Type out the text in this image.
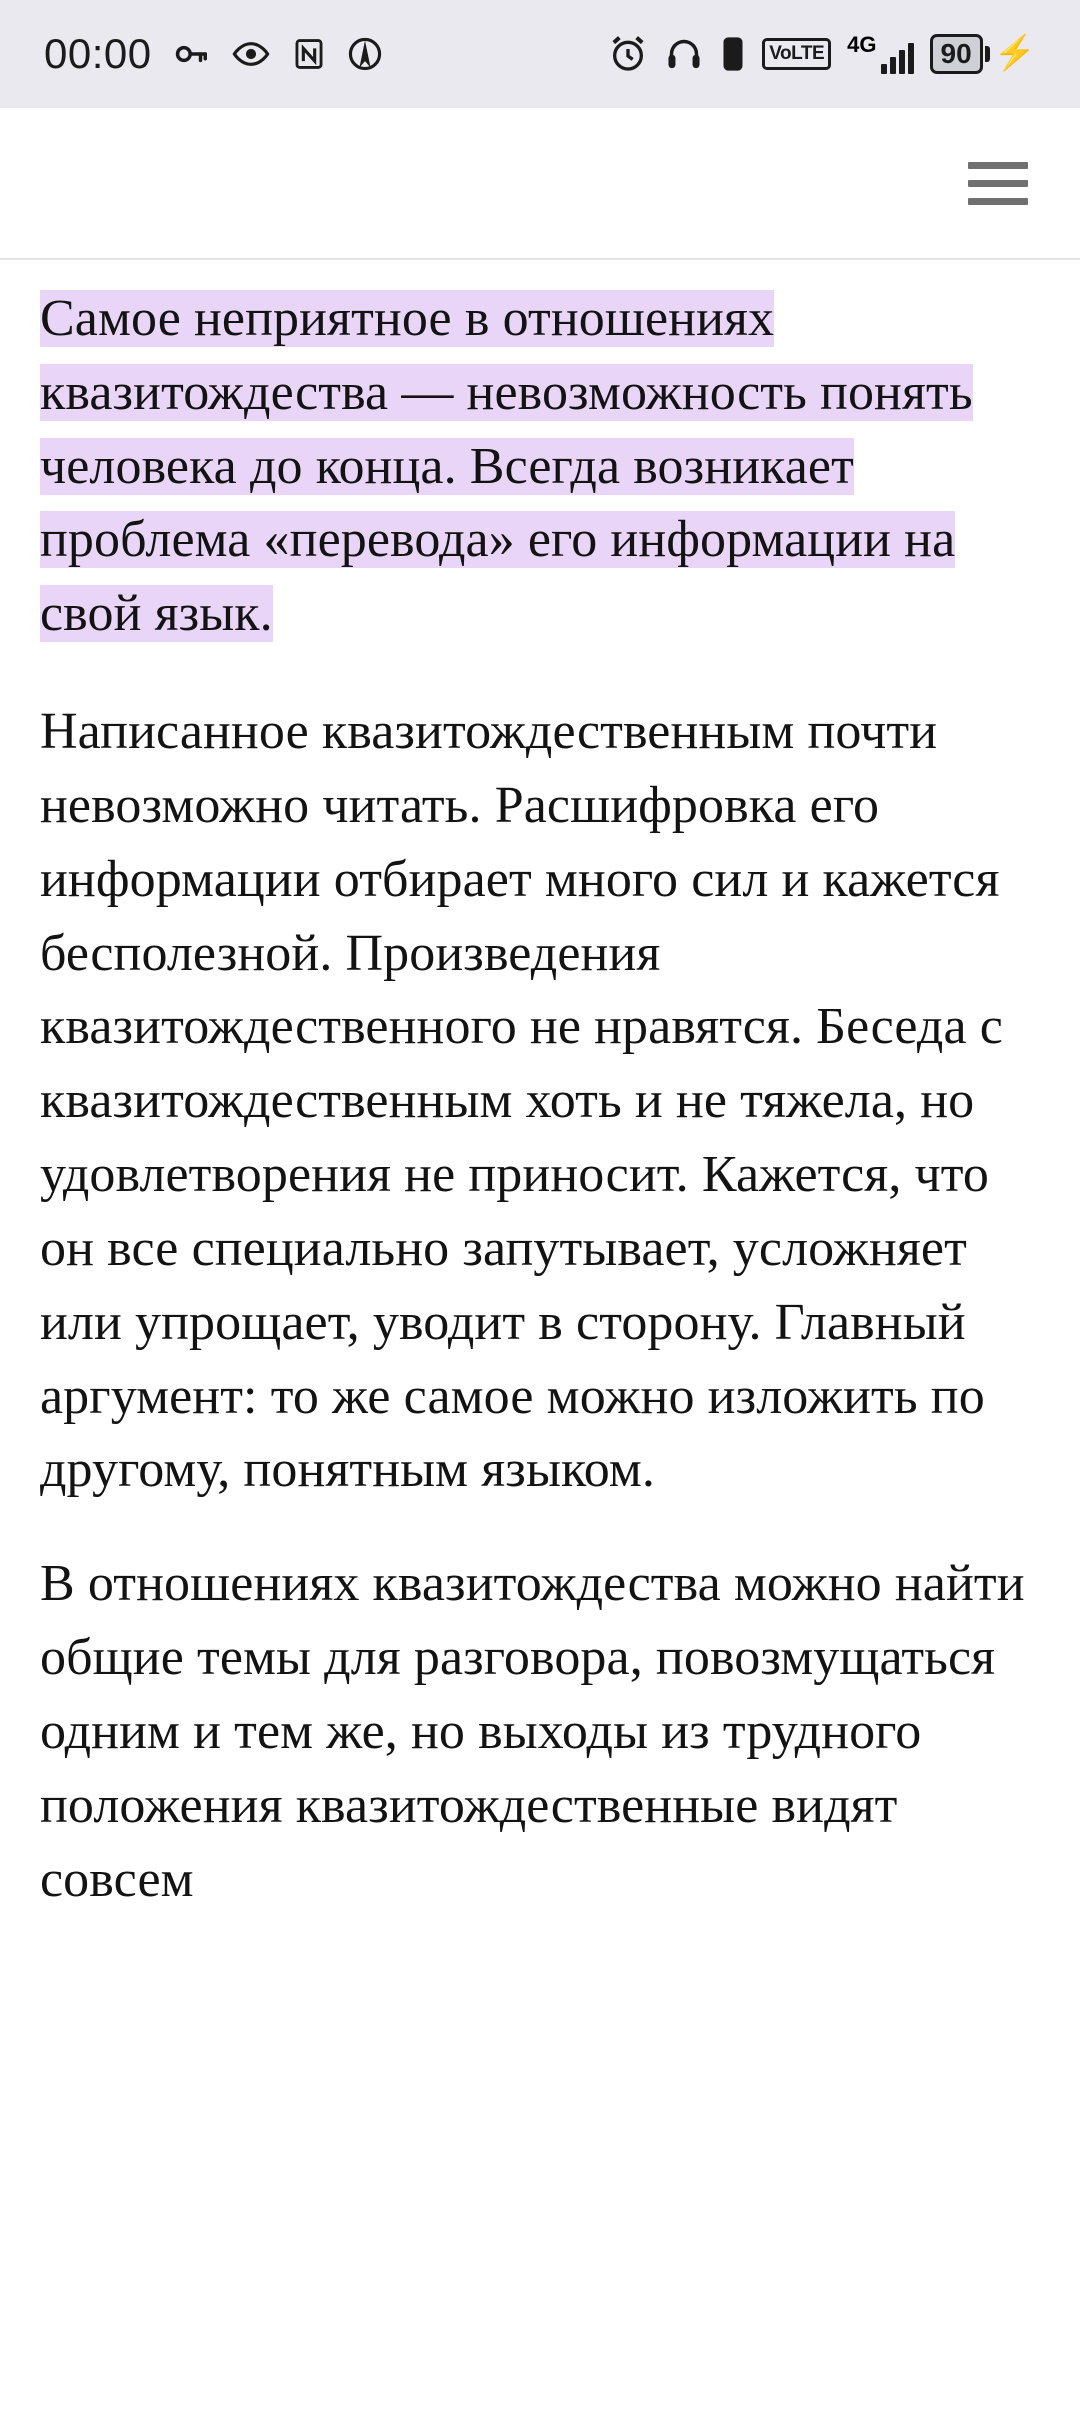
00:00	VoLTE	4G	90 ⚡

Самое неприятное в отношениях квазитождества — невозможность понять человека до конца. Всегда возникает проблема «перевода» его информации на свой язык.

Написанное квазитождественным почти невозможно читать. Расшифровка его информации отбирает много сил и кажется бесполезной. Произведения квазитождественного не нравятся. Беседа с квазитождественным хоть и не тяжела, но удовлетворения не приносит. Кажется, что он все специально запутывает, усложняет или упрощает, уводит в сторону. Главный аргумент: то же самое можно изложить по другому, понятным языком.

В отношениях квазитождества можно найти общие темы для разговора, повозмущаться одним и тем же, но выходы из трудного положения квазитождественные видят совсем
